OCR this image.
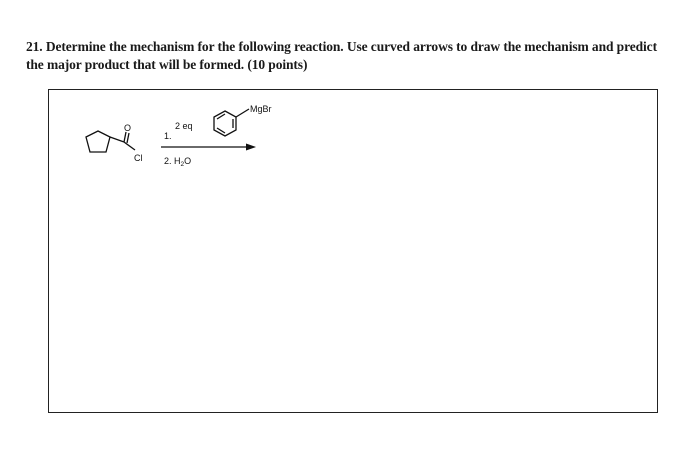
21. Determine the mechanism for the following reaction. Use curved arrows to draw the mechanism and predict
the major product that will be formed. (10 points)
O
Cl
1.
2 eq
MgBr
2. $H_2O$
